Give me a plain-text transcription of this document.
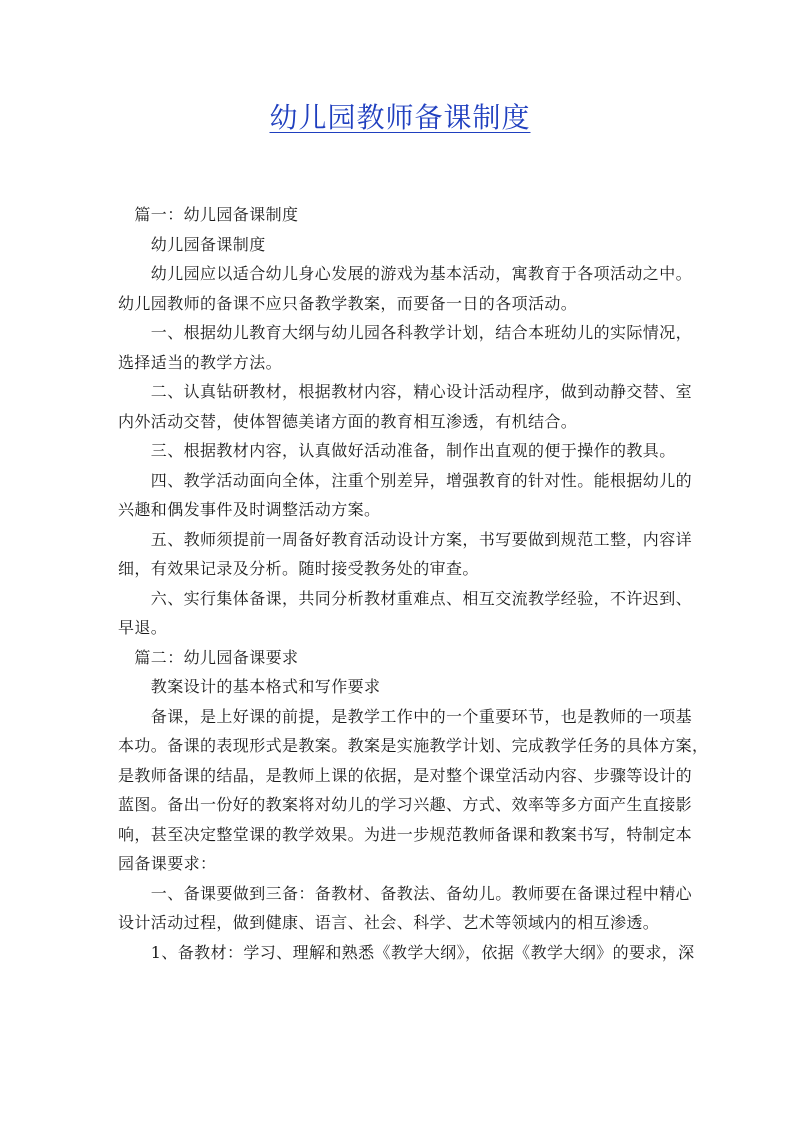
幼儿园教师备课制度

　篇一：幼儿园备课制度

　　幼儿园备课制度

　　幼儿园应以适合幼儿身心发展的游戏为基本活动，寓教育于各项活动之中。

幼儿园教师的备课不应只备教学教案，而要备一日的各项活动。

　　一、根据幼儿教育大纲与幼儿园各科教学计划，结合本班幼儿的实际情况，

选择适当的教学方法。

　　二、认真钻研教材，根据教材内容，精心设计活动程序，做到动静交替、室

内外活动交替，使体智德美诸方面的教育相互渗透，有机结合。

　　三、根据教材内容，认真做好活动准备，制作出直观的便于操作的教具。

　　四、教学活动面向全体，注重个别差异，增强教育的针对性。能根据幼儿的

兴趣和偶发事件及时调整活动方案。

　　五、教师须提前一周备好教育活动设计方案，书写要做到规范工整，内容详

细，有效果记录及分析。随时接受教务处的审查。

　　六、实行集体备课，共同分析教材重难点、相互交流教学经验，不许迟到、

早退。

　篇二：幼儿园备课要求

　　教案设计的基本格式和写作要求

　　备课，是上好课的前提，是教学工作中的一个重要环节，也是教师的一项基

本功。备课的表现形式是教案。教案是实施教学计划、完成教学任务的具体方案，

是教师备课的结晶，是教师上课的依据，是对整个课堂活动内容、步骤等设计的

蓝图。备出一份好的教案将对幼儿的学习兴趣、方式、效率等多方面产生直接影

响，甚至决定整堂课的教学效果。为进一步规范教师备课和教案书写，特制定本

园备课要求：

　　一、备课要做到三备：备教材、备教法、备幼儿。教师要在备课过程中精心

设计活动过程，做到健康、语言、社会、科学、艺术等领域内的相互渗透。

　　1、备教材：学习、理解和熟悉《教学大纲》，依据《教学大纲》的要求，深
